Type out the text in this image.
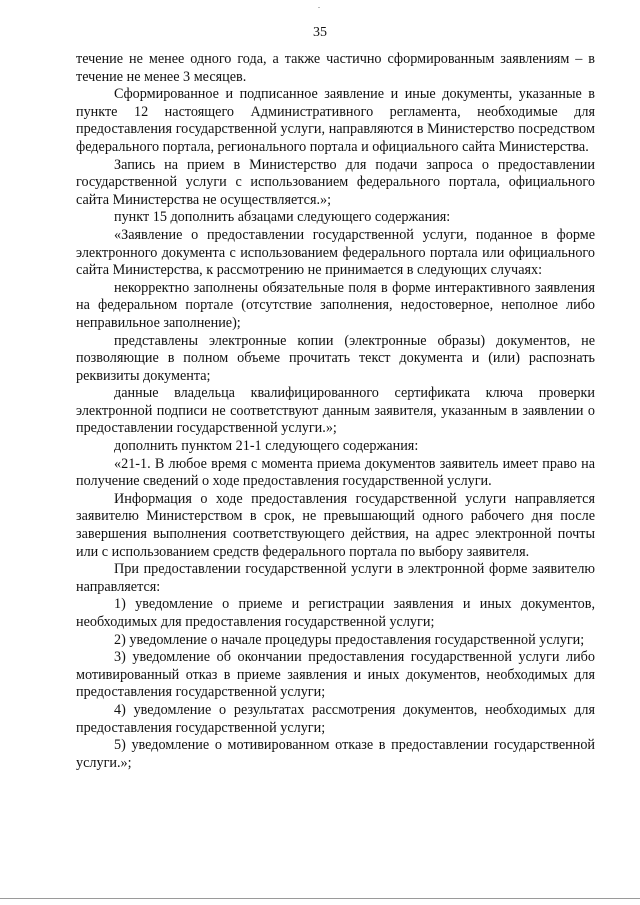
35

течение не менее одного года, а также частично сформированным заявлениям – в течение не менее 3 месяцев.

Сформированное и подписанное заявление и иные документы, указанные в пункте 12 настоящего Административного регламента, необходимые для предоставления государственной услуги, направляются в Министерство посредством федерального портала, регионального портала и официального сайта Министерства.

Запись на прием в Министерство для подачи запроса о предоставлении государственной услуги с использованием федерального портала, официального сайта Министерства не осуществляется.»;

пункт 15 дополнить абзацами следующего содержания:

«Заявление о предоставлении государственной услуги, поданное в форме электронного документа с использованием федерального портала или официального сайта Министерства, к рассмотрению не принимается в следующих случаях:

некорректно заполнены обязательные поля в форме интерактивного заявления на федеральном портале (отсутствие заполнения, недостоверное, неполное либо неправильное заполнение);

представлены электронные копии (электронные образы) документов, не позволяющие в полном объеме прочитать текст документа и (или) распознать реквизиты документа;

данные владельца квалифицированного сертификата ключа проверки электронной подписи не соответствуют данным заявителя, указанным в заявлении о предоставлении государственной услуги.»;

дополнить пунктом 21-1 следующего содержания:

«21-1. В любое время с момента приема документов заявитель имеет право на получение сведений о ходе предоставления государственной услуги.

Информация о ходе предоставления государственной услуги направляется заявителю Министерством в срок, не превышающий одного рабочего дня после завершения выполнения соответствующего действия, на адрес электронной почты или с использованием средств федерального портала по выбору заявителя.

При предоставлении государственной услуги в электронной форме заявителю направляется:

1) уведомление о приеме и регистрации заявления и иных документов, необходимых для предоставления государственной услуги;

2) уведомление о начале процедуры предоставления государственной услуги;

3) уведомление об окончании предоставления государственной услуги либо мотивированный отказ в приеме заявления и иных документов, необходимых для предоставления государственной услуги;

4) уведомление о результатах рассмотрения документов, необходимых для предоставления государственной услуги;

5) уведомление о мотивированном отказе в предоставлении государственной услуги.»;
